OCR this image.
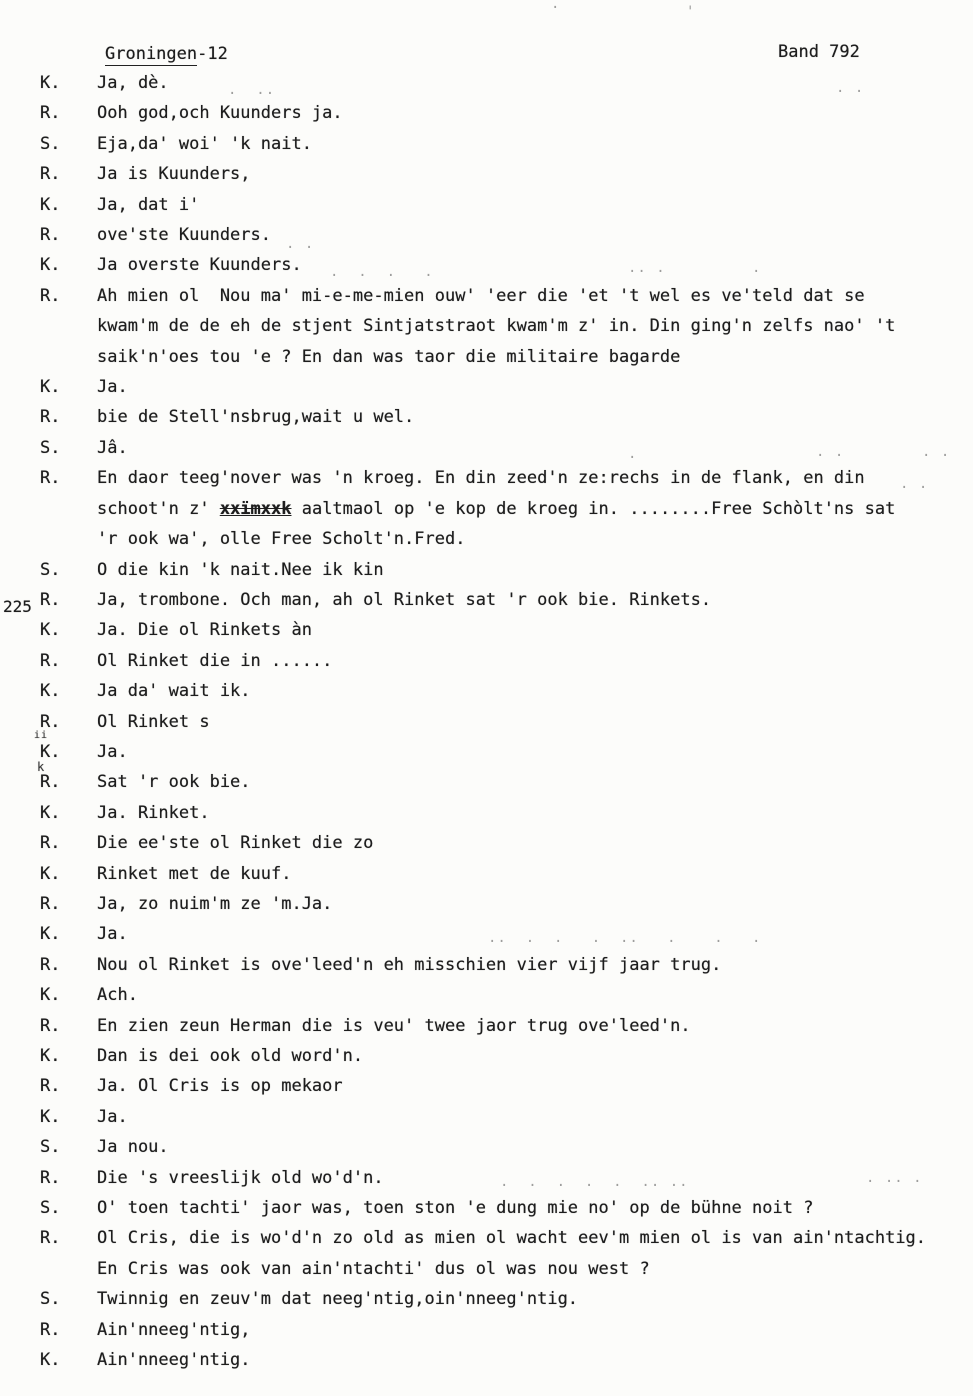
Groningen-12	Band 792
K.	Ja, dè.
R.	Ooh god,och Kuunders ja.
S.	Eja,da' woi' 'k nait.
R.	Ja is Kuunders,
K.	Ja, dat i'
R.	ove'ste Kuunders.
K.	Ja overste Kuunders.
R.	Ah mien ol  Nou ma' mi-e-me-mien ouw' 'eer die 'et 't wel es ve'teld dat se
kwam'm de de eh de stjent Sintjatstraot kwam'm z' in. Din ging'n zelfs nao' 't
saik'n'oes tou 'e ? En dan was taor die militaire bagarde
K.	Ja.
R.	bie de Stell'nsbrug,wait u wel.
S.	Jâ.
R.	En daor teeg'nover was 'n kroeg. En din zeed'n ze:rechs in de flank, en din
schoot'n z' xxïmxxk aaltmaol op 'e kop de kroeg in. ........Free Schòlt'ns sat
'r ook wa', olle Free Scholt'n.Fred.
S.	O die kin 'k nait.Nee ik kin
225 R.	Ja, trombone. Och man, ah ol Rinket sat 'r ook bie. Rinkets.
K.	Ja. Die ol Rinkets àn
R.	Ol Rinket die in ......
K.	Ja da' wait ik.
R.	Ol Rinket s
ii
k
K.	Ja.
R.	Sat 'r ook bie.
K.	Ja. Rinket.
R.	Die ee'ste ol Rinket die zo
K.	Rinket met de kuuf.
R.	Ja, zo nuim'm ze 'm.Ja.
K.	Ja.
R.	Nou ol Rinket is ove'leed'n eh misschien vier vijf jaar trug.
K.	Ach.
R.	En zien zeun Herman die is veu' twee jaor trug ove'leed'n.
K.	Dan is dei ook old word'n.
R.	Ja. Ol Cris is op mekaor
K.	Ja.
S.	Ja nou.
R.	Die 's vreeslijk old wo'd'n.
S.	O' toen tachti' jaor was, toen ston 'e dung mie no' op de bühne noit ?
R.	Ol Cris, die is wo'd'n zo old as mien ol wacht eev'm mien ol is van ain'ntachtig.
En Cris was ook van ain'ntachti' dus ol was nou west ?
S.	Twinnig en zeuv'm dat neeg'ntig,oin'nneeg'ntig.
R.	Ain'nneeg'ntig,
K.	Ain'nneeg'ntig.
'
·
.  ..	. .
. .
.  .  .   .	.. .	.
.	. .	. .
. .
..  .  .   .  ..   .    .   .
.  .  .  .  .  .. ..	. .. .
